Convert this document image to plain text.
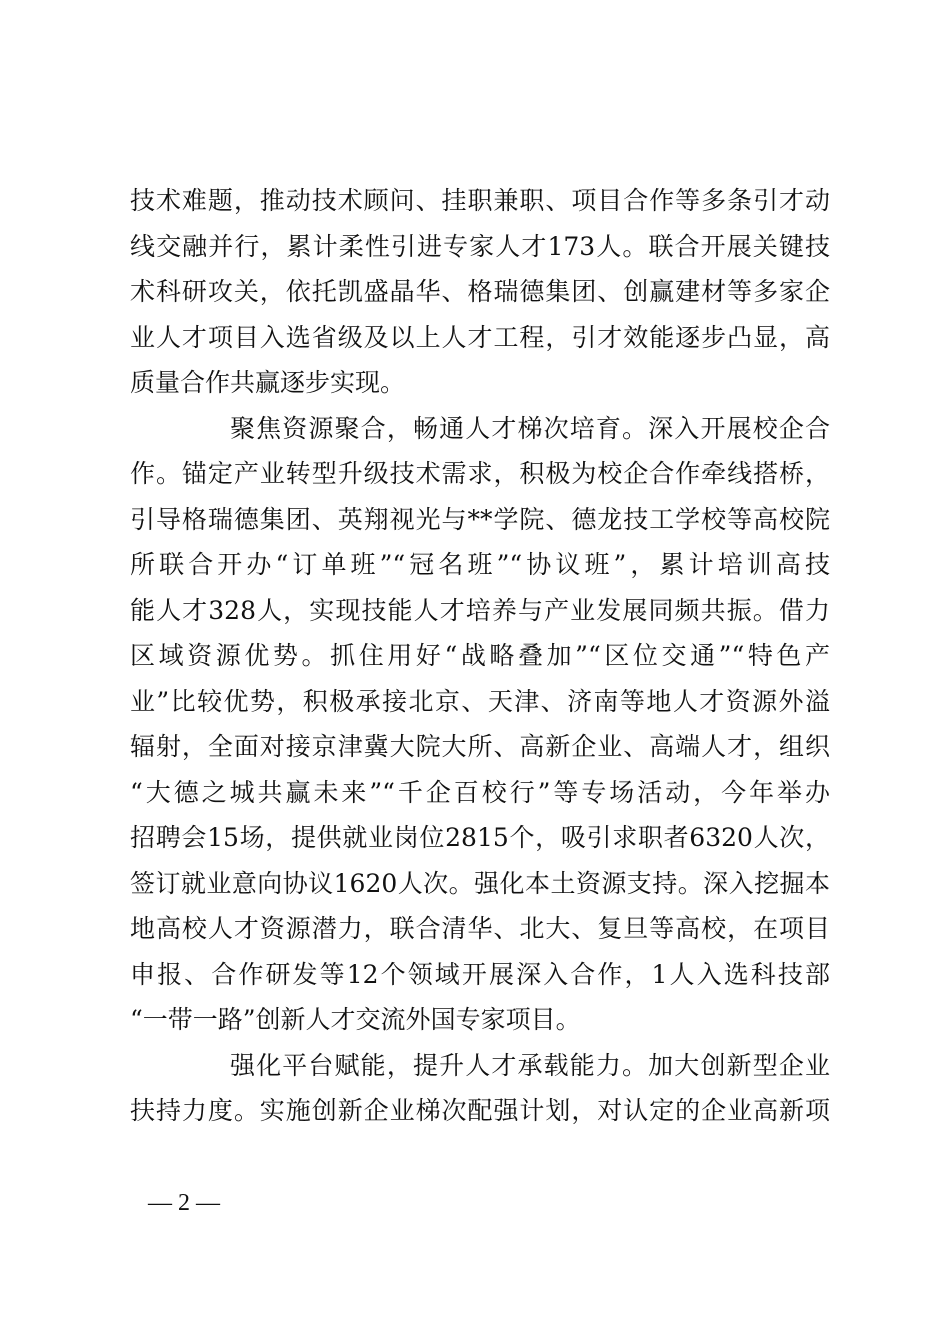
技术难题，推动技术顾问、挂职兼职、项目合作等多条引才动
线交融并行，累计柔性引进专家人才173人。联合开展关键技
术科研攻关，依托凯盛晶华、格瑞德集团、创赢建材等多家企
业人才项目入选省级及以上人才工程，引才效能逐步凸显，高
质量合作共赢逐步实现。
聚焦资源聚合，畅通人才梯次培育。深入开展校企合
作。锚定产业转型升级技术需求，积极为校企合作牵线搭桥，
引导格瑞德集团、英翔视光与**学院、德龙技工学校等高校院
所联合开办“订单班”“冠名班”“协议班”，累计培训高技
能人才328人，实现技能人才培养与产业发展同频共振。借力
区域资源优势。抓住用好“战略叠加”“区位交通”“特色产
业”比较优势，积极承接北京、天津、济南等地人才资源外溢
辐射，全面对接京津冀大院大所、高新企业、高端人才，组织
“大德之城共赢未来”“千企百校行”等专场活动，今年举办
招聘会15场，提供就业岗位2815个，吸引求职者6320人次，
签订就业意向协议1620人次。强化本土资源支持。深入挖掘本
地高校人才资源潜力，联合清华、北大、复旦等高校，在项目
申报、合作研发等12个领域开展深入合作，1人入选科技部
“一带一路”创新人才交流外国专家项目。
强化平台赋能，提升人才承载能力。加大创新型企业
扶持力度。实施创新企业梯次配强计划，对认定的企业高新项
— 2 —
